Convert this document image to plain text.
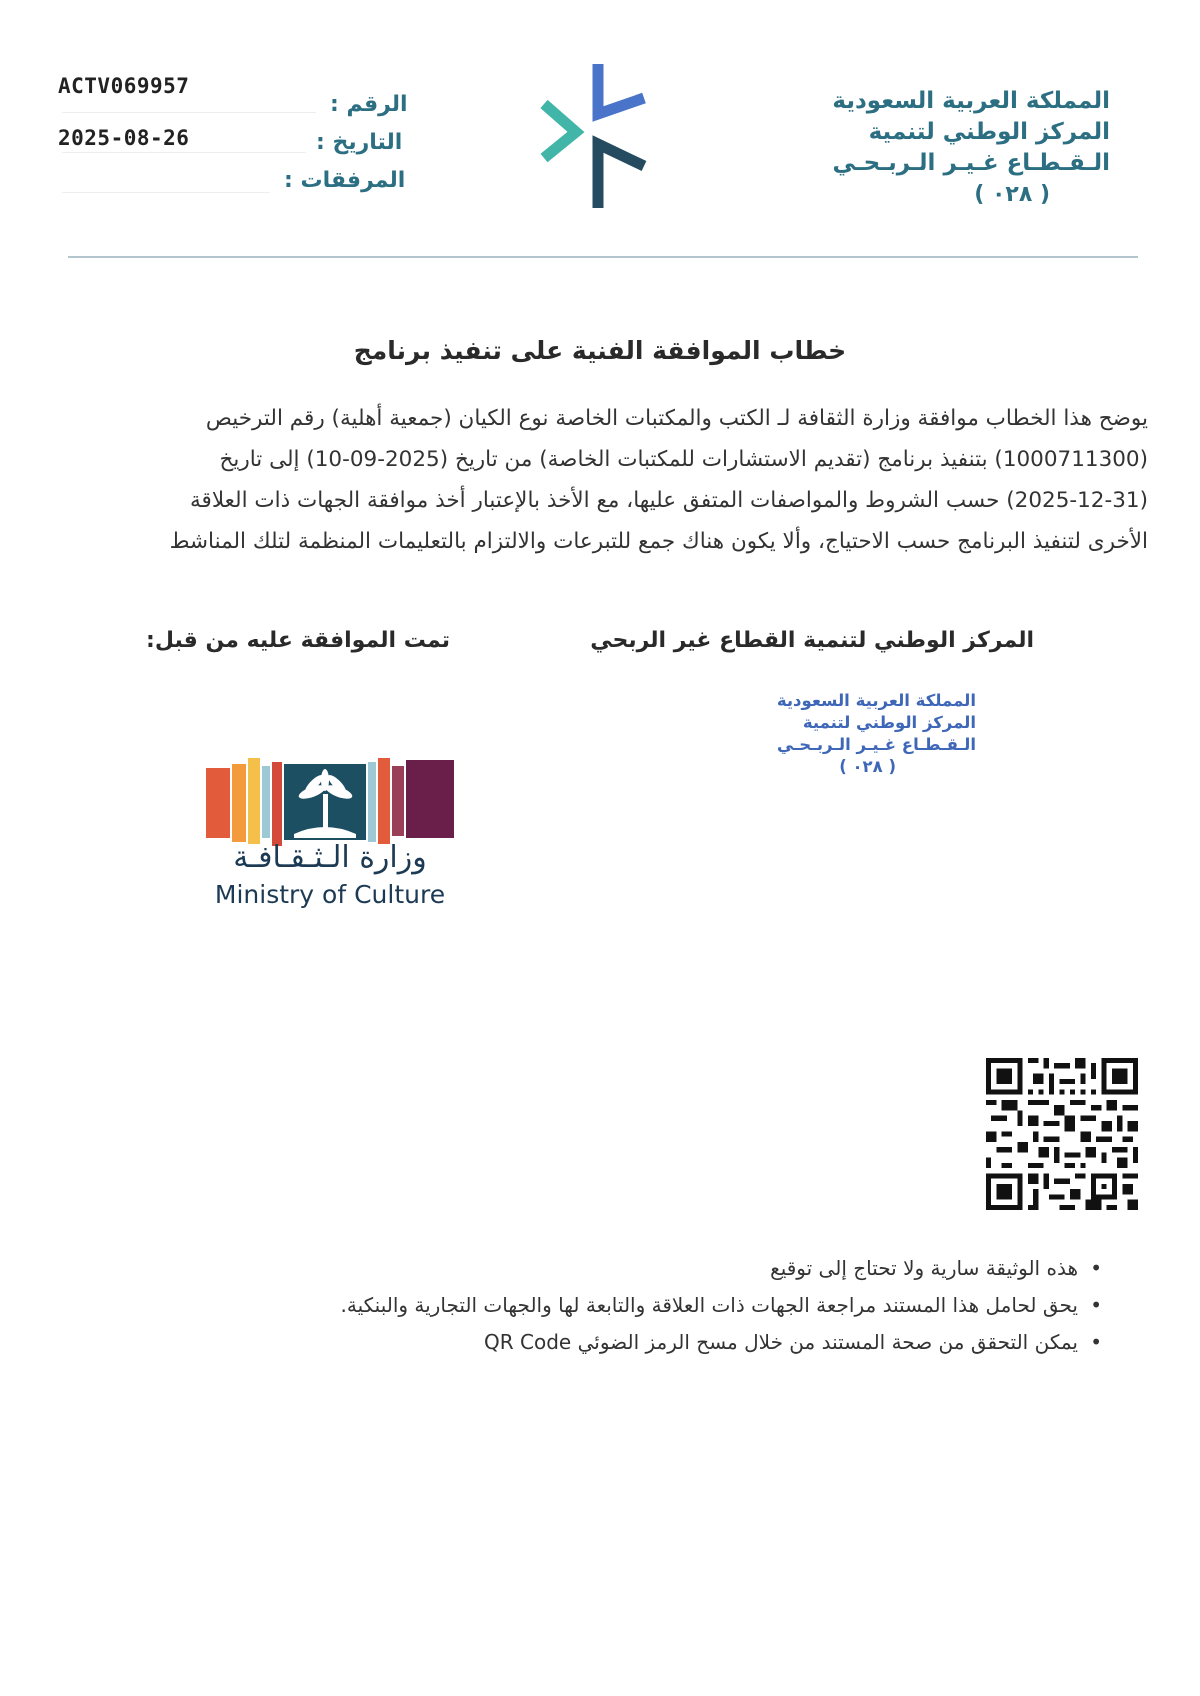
المملكة العربية السعودية
المركز الوطني لتنمية
الـقـطـاع غـيـر الـربـحـي
( ٠٢٨ )
ACTV069957
الرقم :
2025-08-26	التاريخ :
المرفقات :
خطاب الموافقة الفنية على تنفيذ برنامج
يوضح هذا الخطاب موافقة وزارة الثقافة لـ الكتب والمكتبات الخاصة نوع الكيان (جمعية أهلية) رقم الترخيص
(1000711300) بتنفيذ برنامج (تقديم الاستشارات للمكتبات الخاصة) من تاريخ (2025-09-10) إلى تاريخ
(2025-12-31) حسب الشروط والمواصفات المتفق عليها، مع الأخذ بالإعتبار أخذ موافقة الجهات ذات العلاقة
الأخرى لتنفيذ البرنامج حسب الاحتياج، وألا يكون هناك جمع للتبرعات والالتزام بالتعليمات المنظمة لتلك المناشط
المركز الوطني لتنمية القطاع غير الربحي
تمت الموافقة عليه من قبل:
المملكة العربية السعودية
المركز الوطني لتنمية
الـقـطـاع غـيـر الـربـحـي
( ٠٢٨ )
وزارة الـثـقـافـة
Ministry of Culture
•هذه الوثيقة سارية ولا تحتاج إلى توقيع
•يحق لحامل هذا المستند مراجعة الجهات ذات العلاقة والتابعة لها والجهات التجارية والبنكية.
•يمكن التحقق من صحة المستند من خلال مسح الرمز الضوئي QR Code
